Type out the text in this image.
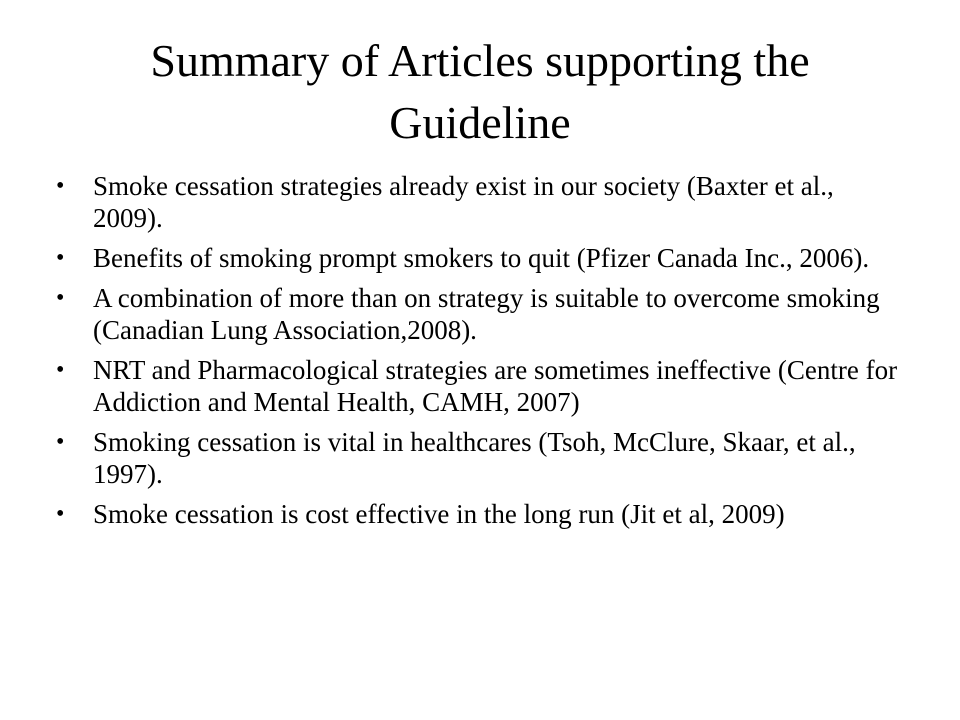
Summary of Articles supporting the Guideline
• Smoke cessation strategies already exist in our society (Baxter et al., 2009).
• Benefits of smoking prompt smokers to quit (Pfizer Canada Inc., 2006).
• A combination of more than on strategy is suitable to overcome smoking (Canadian Lung Association,2008).
• NRT and Pharmacological strategies are sometimes ineffective (Centre for Addiction and Mental Health, CAMH, 2007)
• Smoking cessation is vital in healthcares (Tsoh, McClure, Skaar, et al., 1997).
• Smoke cessation is cost effective in the long run (Jit et al, 2009)
